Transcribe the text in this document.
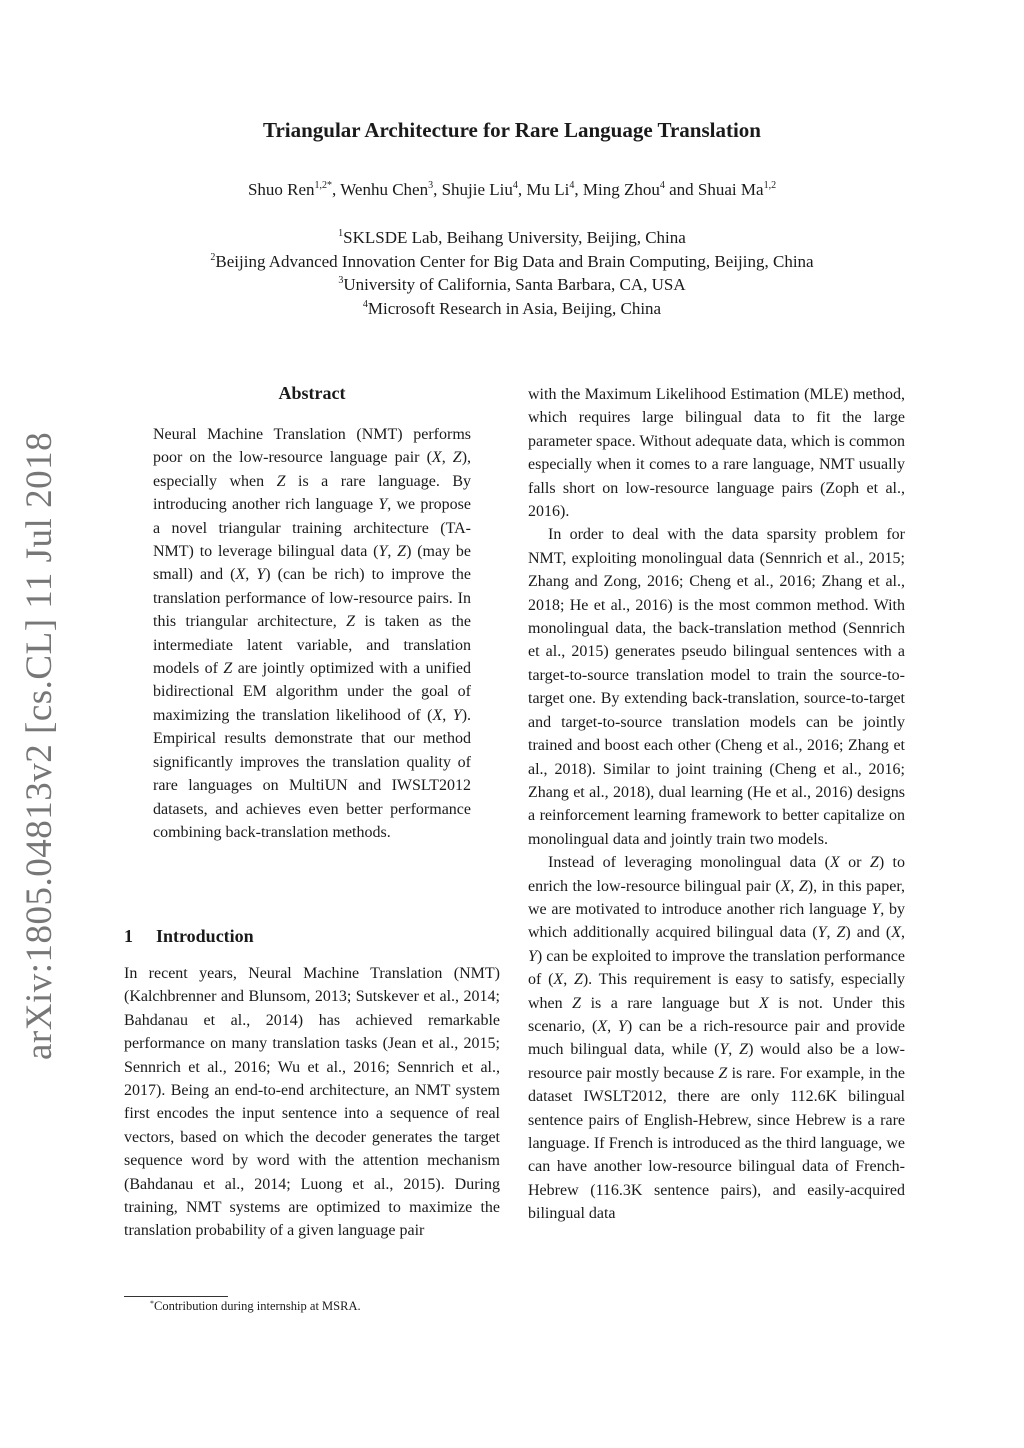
Triangular Architecture for Rare Language Translation
Shuo Ren$^{1,2*}$, Wenhu Chen$^3$, Shujie Liu$^4$, Mu Li$^4$, Ming Zhou$^4$ and Shuai Ma$^{1,2}$
$^1$SKLSDE Lab, Beihang University, Beijing, China
$^2$Beijing Advanced Innovation Center for Big Data and Brain Computing, Beijing, China
$^3$University of California, Santa Barbara, CA, USA
$^4$Microsoft Research in Asia, Beijing, China
arXiv:1805.04813v2 [cs.CL] 11 Jul 2018
Abstract
Neural Machine Translation (NMT) performs poor on the low-resource language pair (X, Z), especially when Z is a rare language. By introducing another rich language Y, we propose a novel triangular training architecture (TA-NMT) to leverage bilingual data (Y, Z) (may be small) and (X, Y) (can be rich) to improve the translation performance of low-resource pairs. In this triangular architecture, Z is taken as the intermediate latent variable, and translation models of Z are jointly optimized with a unified bidirectional EM algorithm under the goal of maximizing the translation likelihood of (X, Y). Empirical results demonstrate that our method significantly improves the translation quality of rare languages on MultiUN and IWSLT2012 datasets, and achieves even better performance combining back-translation methods.
1 Introduction

In recent years, Neural Machine Translation (NMT) (Kalchbrenner and Blunsom, 2013; Sutskever et al., 2014; Bahdanau et al., 2014) has achieved remarkable performance on many translation tasks (Jean et al., 2015; Sennrich et al., 2016; Wu et al., 2016; Sennrich et al., 2017). Being an end-to-end architecture, an NMT system first encodes the input sentence into a sequence of real vectors, based on which the decoder generates the target sequence word by word with the attention mechanism (Bahdanau et al., 2014; Luong et al., 2015). During training, NMT systems are optimized to maximize the translation probability of a given language pair

with the Maximum Likelihood Estimation (MLE) method, which requires large bilingual data to fit the large parameter space. Without adequate data, which is common especially when it comes to a rare language, NMT usually falls short on low-resource language pairs (Zoph et al., 2016).

In order to deal with the data sparsity problem for NMT, exploiting monolingual data (Sennrich et al., 2015; Zhang and Zong, 2016; Cheng et al., 2016; Zhang et al., 2018; He et al., 2016) is the most common method. With monolingual data, the back-translation method (Sennrich et al., 2015) generates pseudo bilingual sentences with a target-to-source translation model to train the source-to-target one. By extending back-translation, source-to-target and target-to-source translation models can be jointly trained and boost each other (Cheng et al., 2016; Zhang et al., 2018). Similar to joint training (Cheng et al., 2016; Zhang et al., 2018), dual learning (He et al., 2016) designs a reinforcement learning framework to better capitalize on monolingual data and jointly train two models.

Instead of leveraging monolingual data (X or Z) to enrich the low-resource bilingual pair (X, Z), in this paper, we are motivated to introduce another rich language Y, by which additionally acquired bilingual data (Y, Z) and (X, Y) can be exploited to improve the translation performance of (X, Z). This requirement is easy to satisfy, especially when Z is a rare language but X is not. Under this scenario, (X, Y) can be a rich-resource pair and provide much bilingual data, while (Y, Z) would also be a low-resource pair mostly because Z is rare. For example, in the dataset IWSLT2012, there are only 112.6K bilingual sentence pairs of English-Hebrew, since Hebrew is a rare language. If French is introduced as the third language, we can have another low-resource bilingual data of French-Hebrew (116.3K sentence pairs), and easily-acquired bilingual data

*Contribution during internship at MSRA.
